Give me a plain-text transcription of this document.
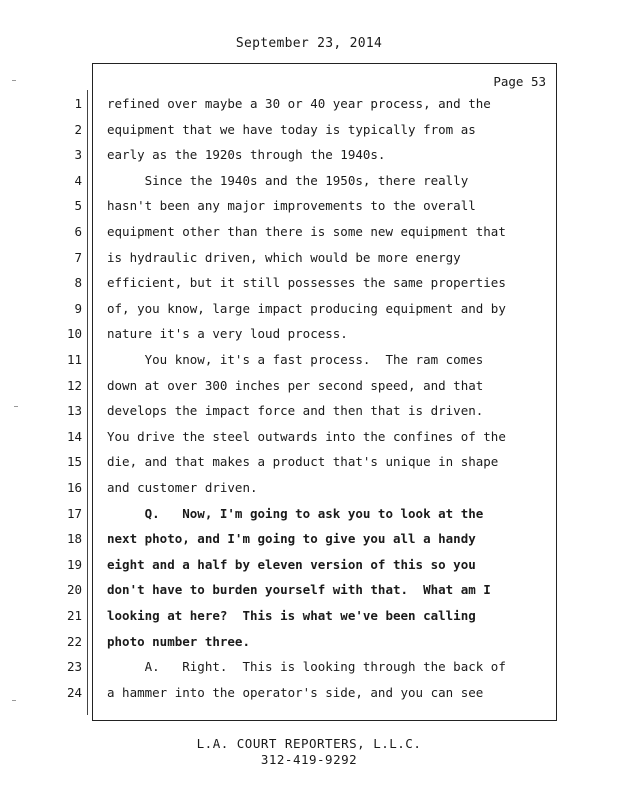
September 23, 2014
Page 53
1 refined over maybe a 30 or 40 year process, and the
2 equipment that we have today is typically from as
3 early as the 1920s through the 1940s.
4 Since the 1940s and the 1950s, there really
5 hasn't been any major improvements to the overall
6 equipment other than there is some new equipment that
7 is hydraulic driven, which would be more energy
8 efficient, but it still possesses the same properties
9 of, you know, large impact producing equipment and by
10 nature it's a very loud process.
11 You know, it's a fast process.  The ram comes
12 down at over 300 inches per second speed, and that
13 develops the impact force and then that is driven.
14 You drive the steel outwards into the confines of the
15 die, and that makes a product that's unique in shape
16 and customer driven.
17 Q.   Now, I'm going to ask you to look at the
18 next photo, and I'm going to give you all a handy
19 eight and a half by eleven version of this so you
20 don't have to burden yourself with that.  What am I
21 looking at here?  This is what we've been calling
22 photo number three.
23 A.   Right.  This is looking through the back of
24 a hammer into the operator's side, and you can see
L.A. COURT REPORTERS, L.L.C.
312-419-9292
